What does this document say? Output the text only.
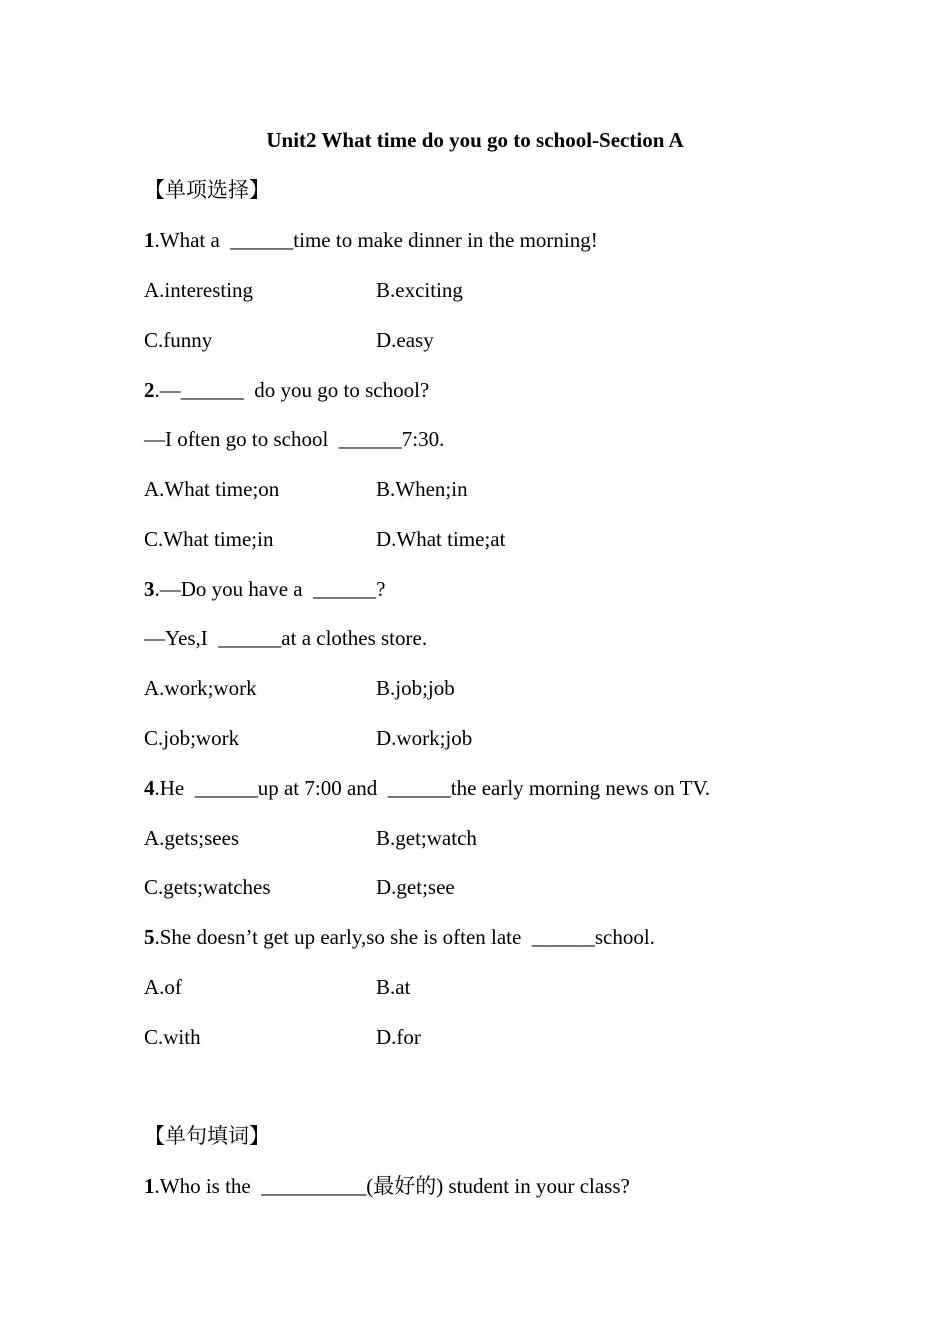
Unit2 What time do you go to school-Section A
【单项选择】
1.What a  ______time to make dinner in the morning!
A.interesting	B.exciting
C.funny	D.easy
2.—______  do you go to school?
—I often go to school  ______7:30.
A.What time;on	B.When;in
C.What time;in	D.What time;at
3.—Do you have a  ______?
—Yes,I  ______at a clothes store.
A.work;work	B.job;job
C.job;work	D.work;job
4.He  ______up at 7:00 and  ______the early morning news on TV.
A.gets;sees	B.get;watch
C.gets;watches	D.get;see
5.She doesn’t get up early,so she is often late  ______school.
A.of	B.at
C.with	D.for
【单句填词】
1.Who is the  __________(最好的) student in your class?
